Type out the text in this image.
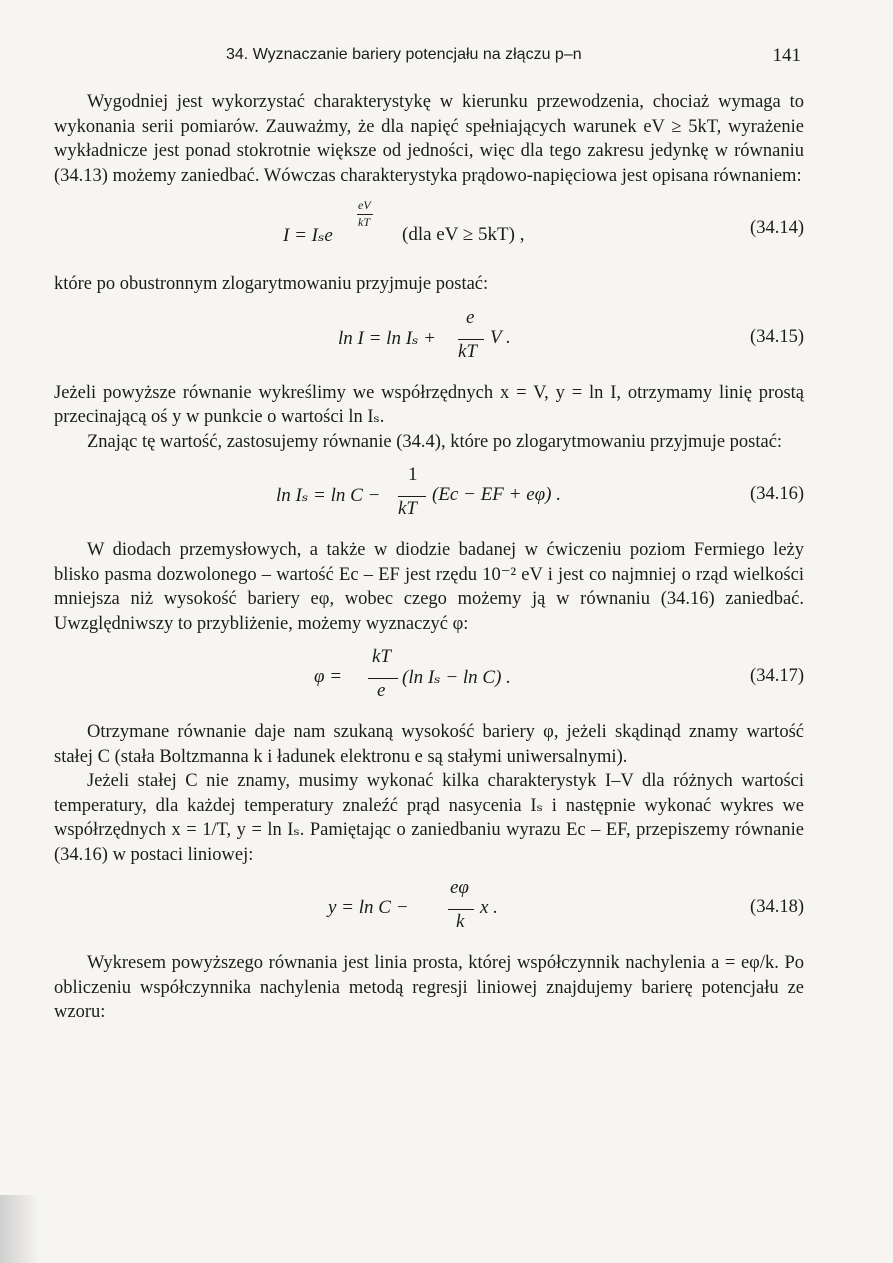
34. Wyznaczanie bariery potencjału na złączu p–n	141

Wygodniej jest wykorzystać charakterystykę w kierunku przewodzenia, chociaż wymaga to wykonania serii pomiarów. Zauważmy, że dla napięć spełniających warunek eV ≥ 5kT, wyrażenie wykładnicze jest ponad stokrotnie większe od jedności, więc dla tego zakresu jedynkę w równaniu (34.13) możemy zaniedbać. Wówczas charakterystyka prądowo-napięciowa jest opisana równaniem:

I = Iₛe
eV
kT
(dla eV ≥ 5kT) ,	(34.14)

które po obustronnym zlogarytmowaniu przyjmuje postać:

ln I = ln Iₛ +
e
kT
V .	(34.15)

Jeżeli powyższe równanie wykreślimy we współrzędnych x = V, y = ln I, otrzymamy linię prostą przecinającą oś y w punkcie o wartości ln Iₛ.

Znając tę wartość, zastosujemy równanie (34.4), które po zlogarytmowaniu przyjmuje postać:

ln Iₛ = ln C −
1
kT
(Ec − EF + eφ) .	(34.16)

W diodach przemysłowych, a także w diodzie badanej w ćwiczeniu poziom Fermiego leży blisko pasma dozwolonego – wartość Ec – EF jest rzędu 10⁻² eV i jest co najmniej o rząd wielkości mniejsza niż wysokość bariery eφ, wobec czego możemy ją w równaniu (34.16) zaniedbać. Uwzględniwszy to przybliżenie, możemy wyznaczyć φ:

φ =
kT
e
(ln Iₛ − ln C) .	(34.17)

Otrzymane równanie daje nam szukaną wysokość bariery φ, jeżeli skądinąd znamy wartość stałej C (stała Boltzmanna k i ładunek elektronu e są stałymi uniwersalnymi).

Jeżeli stałej C nie znamy, musimy wykonać kilka charakterystyk I–V dla różnych wartości temperatury, dla każdej temperatury znaleźć prąd nasycenia Iₛ i następnie wykonać wykres we współrzędnych x = 1/T, y = ln Iₛ. Pamiętając o zaniedbaniu wyrazu Ec – EF, przepiszemy równanie (34.16) w postaci liniowej:

y = ln C −
eφ
k
x .	(34.18)

Wykresem powyższego równania jest linia prosta, której współczynnik nachylenia a = eφ/k. Po obliczeniu współczynnika nachylenia metodą regresji liniowej znajdujemy barierę potencjału ze wzoru:
